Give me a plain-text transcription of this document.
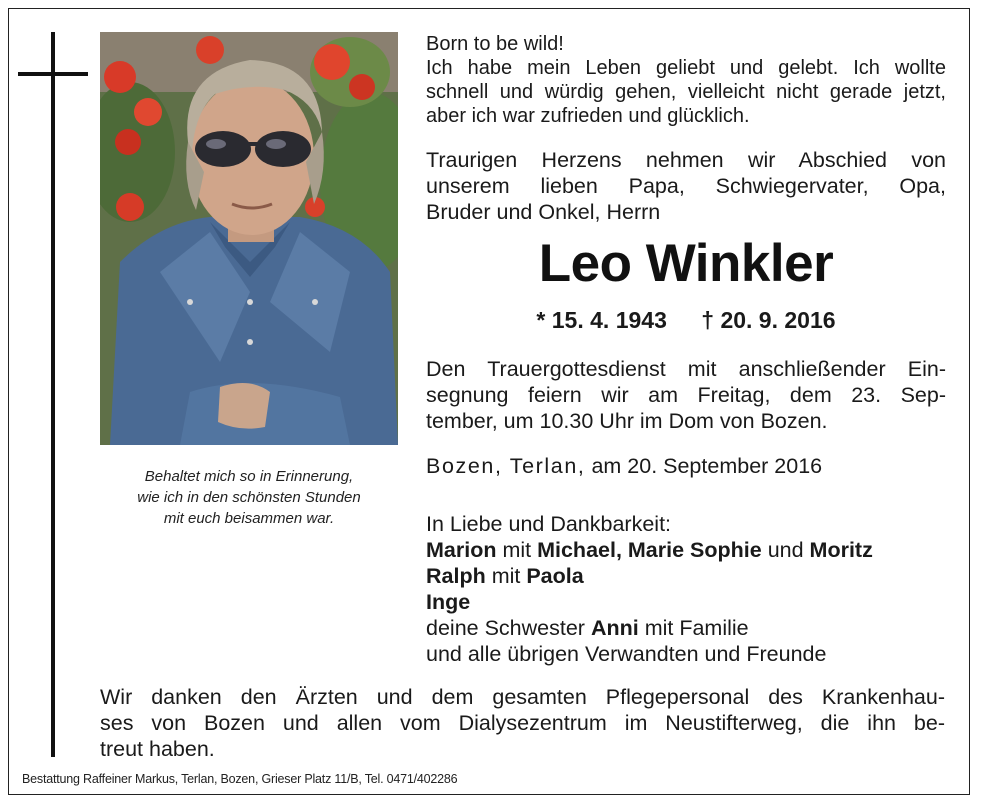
Behaltet mich so in Erinnerung,
wie ich in den schönsten Stunden
mit euch beisammen war.
Born to be wild!
Ich habe mein Leben geliebt und gelebt. Ich wollte
schnell und würdig gehen, vielleicht nicht gerade jetzt,
aber ich war zufrieden und glücklich.
Traurigen Herzens nehmen wir Abschied von
unserem lieben Papa, Schwiegervater, Opa,
Bruder und Onkel, Herrn
Leo Winkler
* 15. 4. 1943 † 20. 9. 2016
Den Trauergottesdienst mit anschließender Ein-
segnung feiern wir am Freitag, dem 23. Sep-
tember, um 10.30 Uhr im Dom von Bozen.
Bozen, Terlan, am 20. September 2016
In Liebe und Dankbarkeit:
Marion mit Michael, Marie Sophie und Moritz
Ralph mit Paola
Inge
deine Schwester Anni mit Familie
und alle übrigen Verwandten und Freunde
Wir danken den Ärzten und dem gesamten Pflegepersonal des Krankenhau-
ses von Bozen und allen vom Dialysezentrum im Neustifterweg, die ihn be-
treut haben.
Bestattung Raffeiner Markus, Terlan, Bozen, Grieser Platz 11/B, Tel. 0471/402286
